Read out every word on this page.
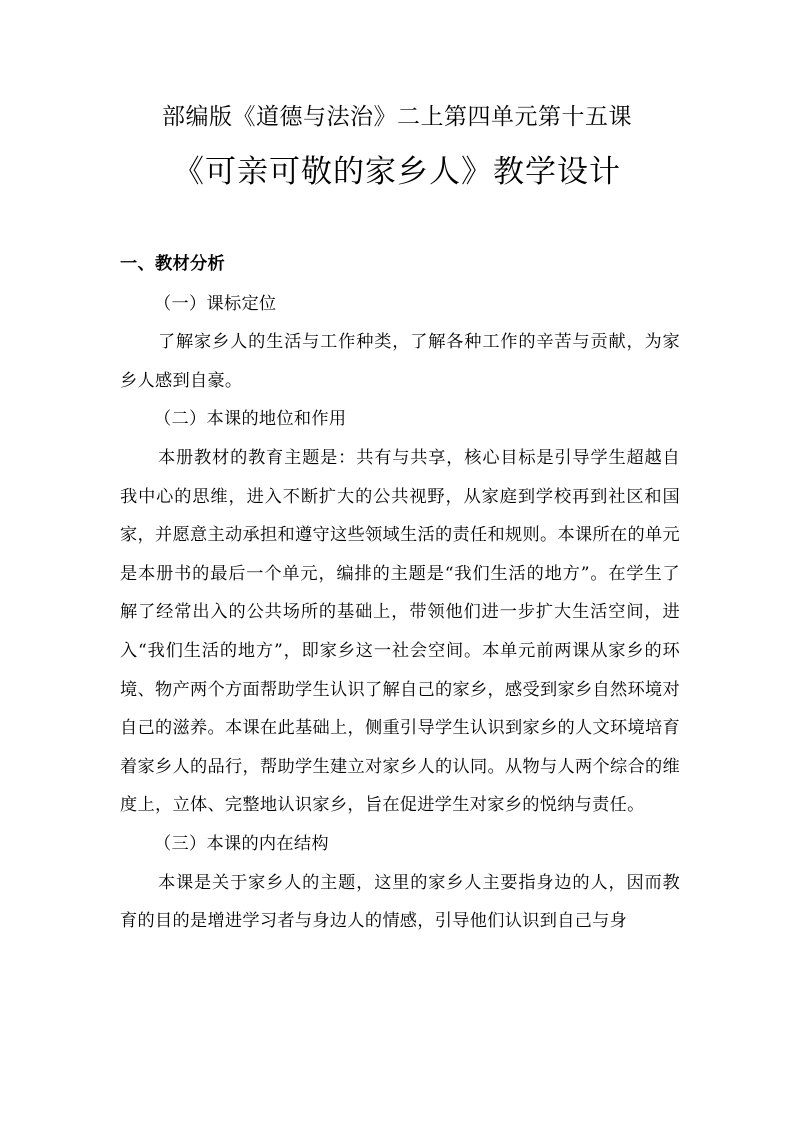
部编版《道德与法治》二上第四单元第十五课
《可亲可敬的家乡人》教学设计

一、教材分析

（一）课标定位

了解家乡人的生活与工作种类，了解各种工作的辛苦与贡献，为家乡人感到自豪。

（二）本课的地位和作用

本册教材的教育主题是：共有与共享，核心目标是引导学生超越自我中心的思维，进入不断扩大的公共视野，从家庭到学校再到社区和国家，并愿意主动承担和遵守这些领域生活的责任和规则。本课所在的单元是本册书的最后一个单元，编排的主题是“我们生活的地方”。在学生了解了经常出入的公共场所的基础上，带领他们进一步扩大生活空间，进入“我们生活的地方”，即家乡这一社会空间。本单元前两课从家乡的环境、物产两个方面帮助学生认识了解自己的家乡，感受到家乡自然环境对自己的滋养。本课在此基础上，侧重引导学生认识到家乡的人文环境培育着家乡人的品行，帮助学生建立对家乡人的认同。从物与人两个综合的维度上，立体、完整地认识家乡，旨在促进学生对家乡的悦纳与责任。

（三）本课的内在结构

本课是关于家乡人的主题，这里的家乡人主要指身边的人，因而教育的目的是增进学习者与身边人的情感，引导他们认识到自己与身
